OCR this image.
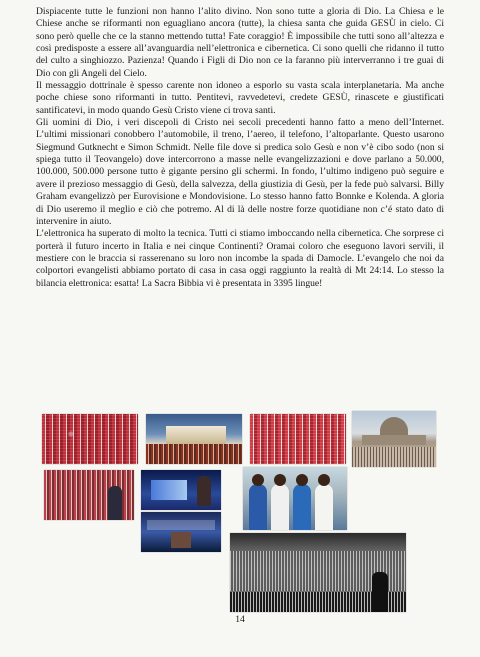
Dispiacente tutte le funzioni non hanno l’alito divino. Non sono tutte a gloria di Dio. La Chiesa e le Chiese anche se riformanti non eguagliano ancora (tutte), la chiesa santa che guida GESÙ in cielo. Ci sono però quelle che ce la stanno mettendo tutta! Fate coraggio! È impossibile che tutti sono all’altezza e così predisposte a essere all’avanguardia nell’elettronica e cibernetica. Ci sono quelli che ridanno il tutto del culto a singhiozzo. Pazienza! Quando i Figli di Dio non ce la faranno più interverranno i tre guai di Dio con gli Angeli del Cielo.

Il messaggio dottrinale è spesso carente non idoneo a esporlo su vasta scala interplanetaria. Ma anche poche chiese sono riformanti in tutto. Pentitevi, ravvedetevi, credete GESÙ, rinascete e giustificati santificatevi, in modo quando Gesù Cristo viene ci trova santi.

Gli uomini di Dio, i veri discepoli di Cristo nei secoli precedenti hanno fatto a meno dell’Internet. L’ultimi missionari conobbero l’automobile, il treno, l’aereo, il telefono, l’altoparlante. Questo usarono Siegmund Gutknecht e Simon Schmidt. Nelle file dove si predica solo Gesù e non v’è cibo sodo (non si spiega tutto il Teovangelo) dove intercorrono a masse nelle evangelizzazioni e dove parlano a 50.000, 100.000, 500.000 persone tutto è gigante persino gli schermi. In fondo, l’ultimo indigeno può seguire e avere il prezioso messaggio di Gesù, della salvezza, della giustizia di Gesù, per la fede può salvarsi. Billy Graham evangelizzò per Eurovisione e Mondovisione. Lo stesso hanno fatto Bonnke e Kolenda. A gloria di Dio useremo il meglio e ciò che potremo. Al di là delle nostre forze quotidiane non c’é stato dato di intervenire in aiuto.

L’elettronica ha superato di molto la tecnica. Tutti ci stiamo imboccando nella cibernetica. Che sorprese ci porterà il futuro incerto in Italia e nei cinque Continenti? Oramai coloro che eseguono lavori servili, il mestiere con le braccia si rasserenano su loro non incombe la spada di Damocle. L’evangelo che noi da colportori evangelisti abbiamo portato di casa in casa oggi raggiunto la realtà di Mt 24:14. Lo stesso la bilancia elettronica: esatta! La Sacra Bibbia vi è presentata in 3395 lingue!

14
